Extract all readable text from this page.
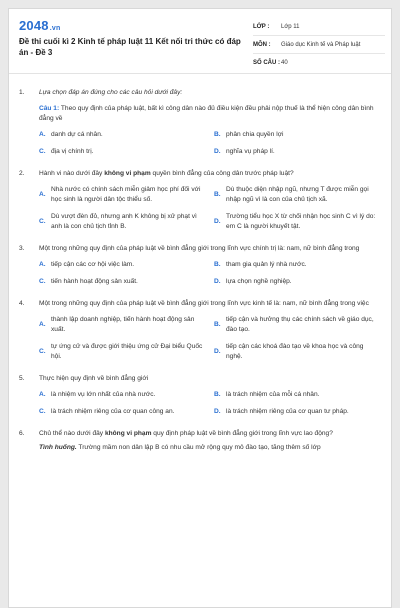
2048.vn
Đề thi cuối kì 2 Kinh tế pháp luật 11 Kết nối tri thức có đáp án - Đề 3
LỚP :	Lớp 11
MÔN :	Giáo dục Kinh tế và Pháp luật
SỐ CÂU : 40
1.	Lựa chọn đáp án đúng cho các câu hỏi dưới đây:
Câu 1: Theo quy định của pháp luật, bất kì công dân nào đủ điều kiện đều phải nộp thuế là thể hiện công dân bình đẳng về
A. danh dự cá nhân.	B. phân chia quyền lợi
C. địa vị chính trị.	D. nghĩa vụ pháp lí.
2.	Hành vi nào dưới đây không vi phạm quyền bình đẳng của công dân trước pháp luật?
A.
Nhà nước có chính sách miễn giảm học phí đối với học sinh là người dân tộc thiểu số.
B.
Dù thuộc diện nhập ngũ, nhưng T được miễn gọi nhập ngũ vì là con của chủ tịch xã.
C.
Dù vượt đèn đỏ, nhưng anh K không bị xử phạt vì anh là con chủ tịch tỉnh B.
D.
Trường tiểu học X từ chối nhận học sinh C vì lý do: em C là người khuyết tật.
3.	Một trong những quy định của pháp luật về bình đẳng giới trong lĩnh vực chính trị là: nam, nữ bình đẳng trong
A. tiếp cận các cơ hội việc làm.	B. tham gia quản lý nhà nước.
C. tiến hành hoạt động sản xuất.	D. lựa chọn nghề nghiệp.
4.	Một trong những quy định của pháp luật về bình đẳng giới trong lĩnh vực kinh tế là: nam, nữ bình đẳng trong việc
A.
thành lập doanh nghiệp, tiến hành hoạt động sản xuất.
B.
tiếp cận và hưởng thụ các chính sách về giáo dục, đào tạo.
C.
tự ứng cử và được giới thiệu ứng cử Đại biểu Quốc hội.
D.
tiếp cận các khoá đào tạo về khoa học và công nghệ.
5.	Thực hiện quy định về bình đẳng giới
A. là nhiệm vụ lớn nhất của nhà nước.	B. là trách nhiệm của mỗi cá nhân.
C. là trách nhiệm riêng của cơ quan công an.	D. là trách nhiệm riêng của cơ quan tư pháp.
6.	Chủ thể nào dưới đây không vi phạm quy định pháp luật về bình đẳng giới trong lĩnh vực lao động?
Tình huống. Trường mầm non dân lập B có nhu cầu mở rộng quy mô đào tạo, tăng thêm số lớp
